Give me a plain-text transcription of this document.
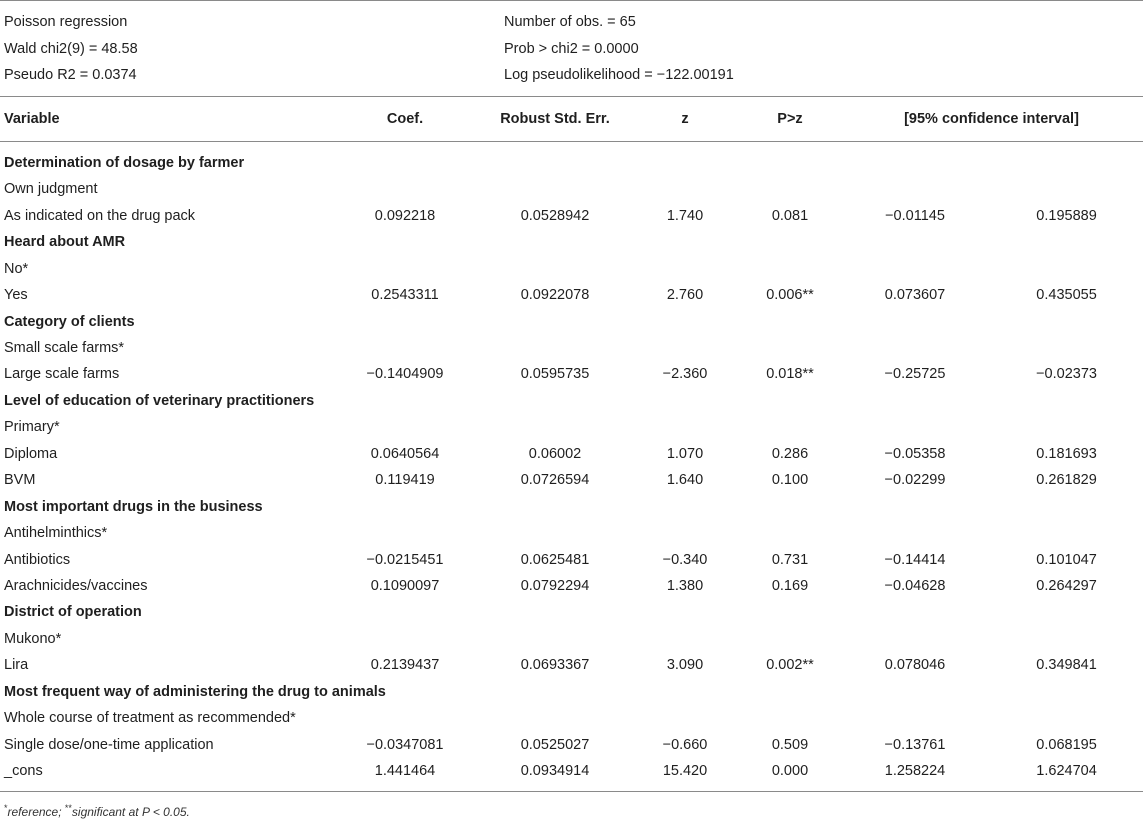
Poisson regression	Number of obs. = 65
Wald chi2(9) = 48.58	Prob > chi2 = 0.0000
Pseudo R2 = 0.0374	Log pseudolikelihood = −122.00191
Variable	Coef.	Robust Std. Err.	z	P>z	[95% confidence interval]
Determination of dosage by farmer						
Own judgment						
As indicated on the drug pack	0.092218	0.0528942	1.740	0.081	−0.01145	0.195889
Heard about AMR						
No*						
Yes	0.2543311	0.0922078	2.760	0.006**	0.073607	0.435055
Category of clients						
Small scale farms*						
Large scale farms	−0.1404909	0.0595735	−2.360	0.018**	−0.25725	−0.02373
Level of education of veterinary practitioners						
Primary*						
Diploma	0.0640564	0.06002	1.070	0.286	−0.05358	0.181693
BVM	0.119419	0.0726594	1.640	0.100	−0.02299	0.261829
Most important drugs in the business						
Antihelminthics*						
Antibiotics	−0.0215451	0.0625481	−0.340	0.731	−0.14414	0.101047
Arachnicides/vaccines	0.1090097	0.0792294	1.380	0.169	−0.04628	0.264297
District of operation						
Mukono*						
Lira	0.2139437	0.0693367	3.090	0.002**	0.078046	0.349841
Most frequent way of administering the drug to animals						
Whole course of treatment as recommended*						
Single dose/one-time application	−0.0347081	0.0525027	−0.660	0.509	−0.13761	0.068195
_cons	1.441464	0.0934914	15.420	0.000	1.258224	1.624704
*reference; **significant at P < 0.05.
